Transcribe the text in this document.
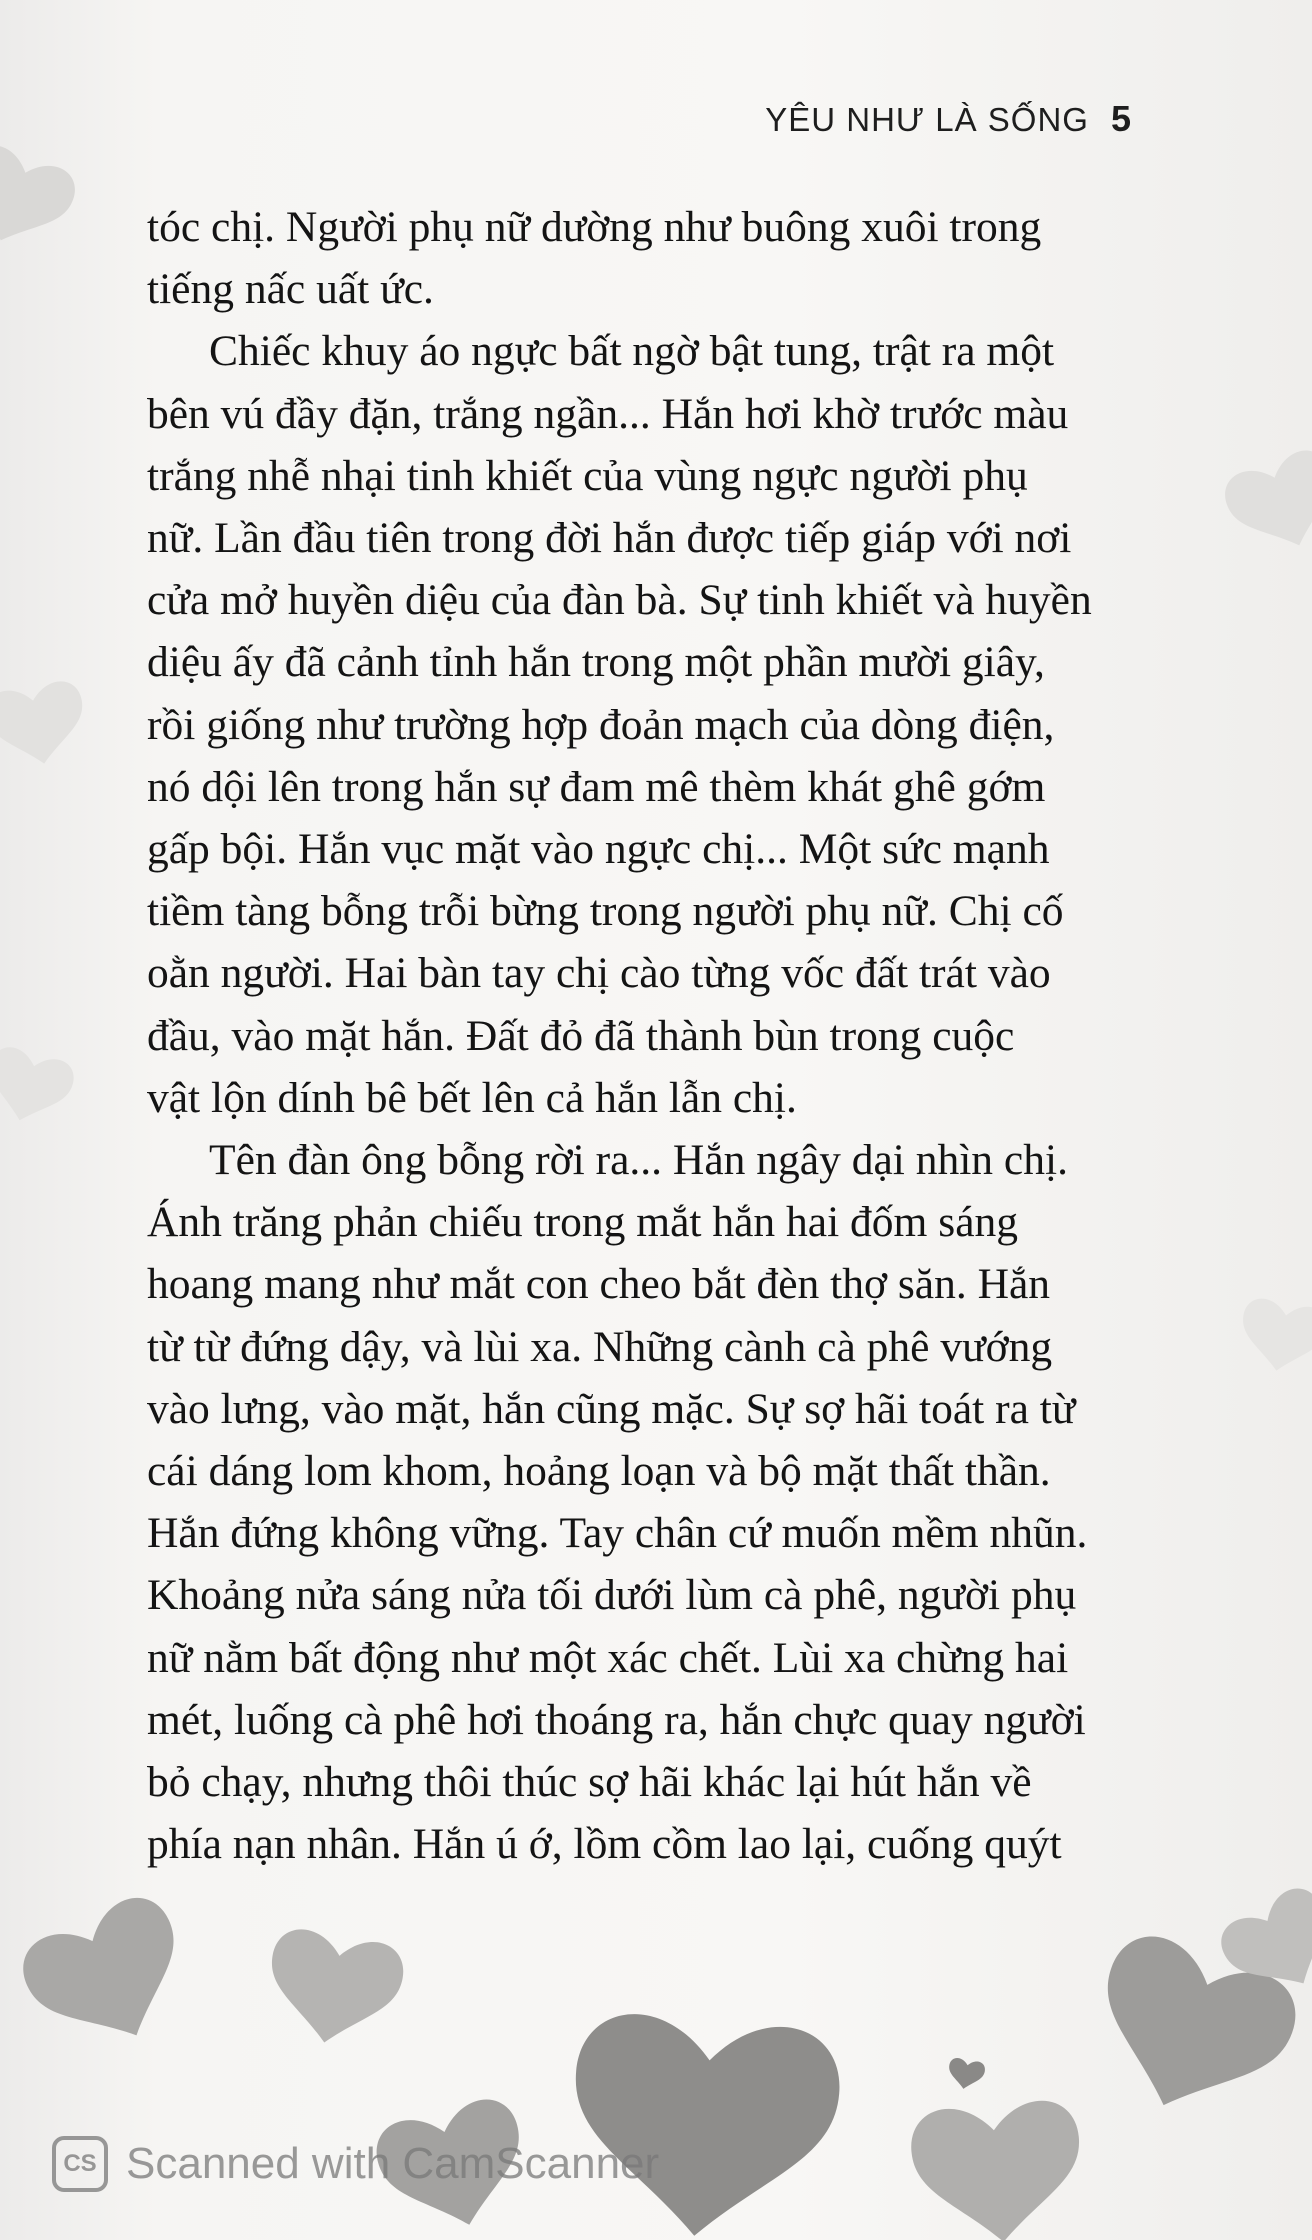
YÊU NHƯ LÀ SỐNG 5

tóc chị. Người phụ nữ dường như buông xuôi trong
tiếng nấc uất ức.

Chiếc khuy áo ngực bất ngờ bật tung, trật ra một
bên vú đầy đặn, trắng ngần... Hắn hơi khờ trước màu
trắng nhễ nhại tinh khiết của vùng ngực người phụ
nữ. Lần đầu tiên trong đời hắn được tiếp giáp với nơi
cửa mở huyền diệu của đàn bà. Sự tinh khiết và huyền
diệu ấy đã cảnh tỉnh hắn trong một phần mười giây,
rồi giống như trường hợp đoản mạch của dòng điện,
nó dội lên trong hắn sự đam mê thèm khát ghê gớm
gấp bội. Hắn vục mặt vào ngực chị... Một sức mạnh
tiềm tàng bỗng trỗi bừng trong người phụ nữ. Chị cố
oằn người. Hai bàn tay chị cào từng vốc đất trát vào
đầu, vào mặt hắn. Đất đỏ đã thành bùn trong cuộc
vật lộn dính bê bết lên cả hắn lẫn chị.

Tên đàn ông bỗng rời ra... Hắn ngây dại nhìn chị.
Ánh trăng phản chiếu trong mắt hắn hai đốm sáng
hoang mang như mắt con cheo bắt đèn thợ săn. Hắn
từ từ đứng dậy, và lùi xa. Những cành cà phê vướng
vào lưng, vào mặt, hắn cũng mặc. Sự sợ hãi toát ra từ
cái dáng lom khom, hoảng loạn và bộ mặt thất thần.
Hắn đứng không vững. Tay chân cứ muốn mềm nhũn.
Khoảng nửa sáng nửa tối dưới lùm cà phê, người phụ
nữ nằm bất động như một xác chết. Lùi xa chừng hai
mét, luống cà phê hơi thoáng ra, hắn chực quay người
bỏ chạy, nhưng thôi thúc sợ hãi khác lại hút hắn về
phía nạn nhân. Hắn ú ớ, lồm cồm lao lại, cuống quýt

CS Scanned with CamScanner
